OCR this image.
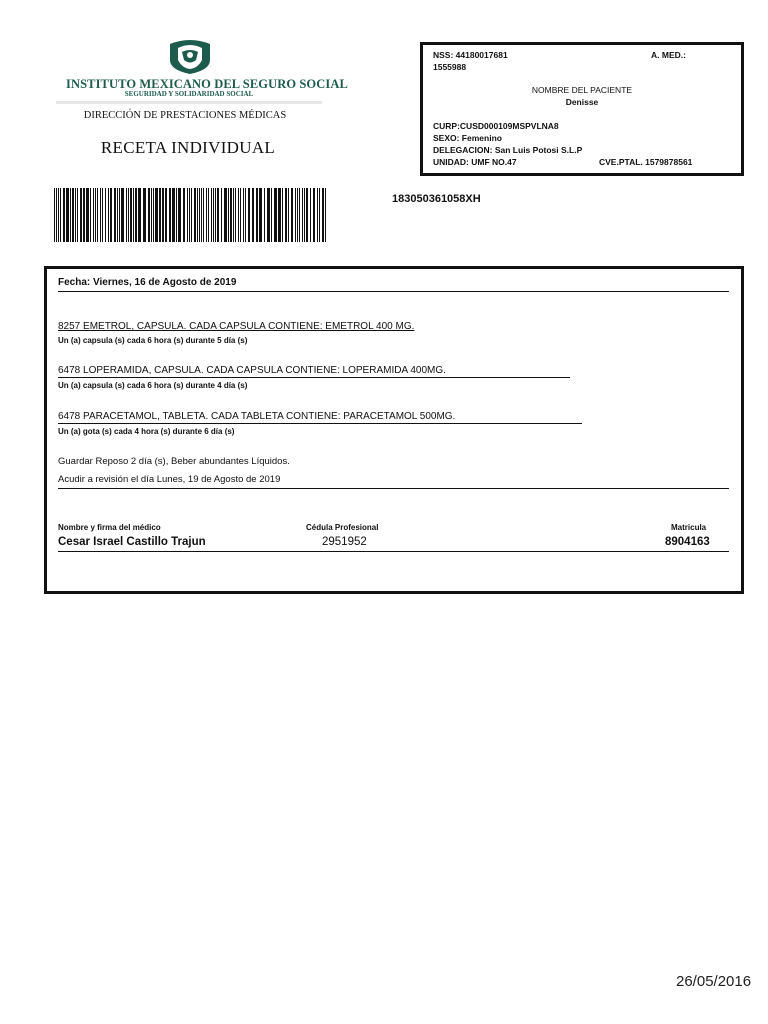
INSTITUTO MEXICANO DEL SEGURO SOCIAL
SEGURIDAD Y SOLIDARIDAD SOCIAL
DIRECCIÓN DE PRESTACIONES MÉDICAS
RECETA INDIVIDUAL
183050361058XH
NSS: 44180017681	A. MED.:
1555988
NOMBRE DEL PACIENTE
Denisse
CURP:CUSD000109MSPVLNA8
SEXO: Femenino
DELEGACION: San Luis Potosi S.L.P
UNIDAD: UMF NO.47	CVE.PTAL. 1579878561
Fecha: Viernes, 16 de Agosto de 2019
8257 EMETROL, CAPSULA. CADA CAPSULA CONTIENE: EMETROL 400 MG.
Un (a) capsula (s) cada 6 hora (s) durante 5 día (s)
6478 LOPERAMIDA, CAPSULA. CADA CAPSULA CONTIENE: LOPERAMIDA 400MG.
Un (a) capsula (s) cada 6 hora (s) durante 4 día (s)
6478 PARACETAMOL, TABLETA. CADA TABLETA CONTIENE: PARACETAMOL 500MG.
Un (a) gota (s) cada 4 hora (s) durante 6 día (s)
Guardar Reposo 2 día (s), Beber abundantes Líquidos.
Acudir a revisión el día Lunes, 19 de Agosto de 2019
Nombre y firma del médico	Cédula Profesional	Matricula
Cesar Israel Castillo Trajun	2951952	8904163
26/05/2016
